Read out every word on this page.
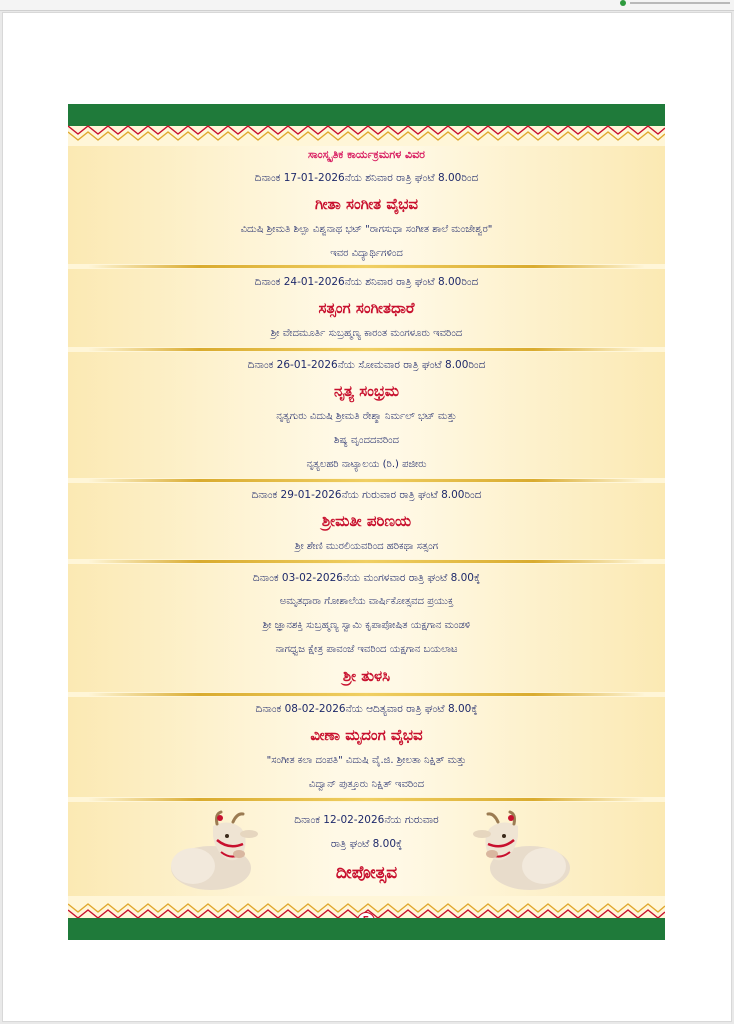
ಸಾಂಸ್ಕೃತಿಕ ಕಾರ್ಯಕ್ರಮಗಳ ವಿವರ
ದಿನಾಂಕ 17-01-2026ನೆಯ ಶನಿವಾರ ರಾತ್ರಿ ಘಂಟೆ 8.00ರಿಂದ
ಗೀತಾ ಸಂಗೀತ ವೈಭವ
ವಿದುಷಿ ಶ್ರೀಮತಿ ಶಿಲ್ಪಾ ವಿಶ್ವನಾಥ ಭಟ್ "ರಾಗಸುಧಾ ಸಂಗೀತ ಶಾಲೆ ಮಂಜೇಶ್ವರ"
ಇವರ ವಿದ್ಯಾರ್ಥಿಗಳಿಂದ
ದಿನಾಂಕ 24-01-2026ನೆಯ ಶನಿವಾರ ರಾತ್ರಿ ಘಂಟೆ 8.00ರಿಂದ
ಸತ್ಸಂಗ ಸಂಗೀತಧಾರೆ
ಶ್ರೀ ವೇದಮೂರ್ತಿ ಸುಬ್ರಹ್ಮಣ್ಯ ಕಾರಂತ ಮಂಗಳೂರು ಇವರಿಂದ
ದಿನಾಂಕ 26-01-2026ನೆಯ ಸೋಮವಾರ ರಾತ್ರಿ ಘಂಟೆ 8.00ರಿಂದ
ನೃತ್ಯ ಸಂಭ್ರಮ
ನೃತ್ಯಗುರು ವಿದುಷಿ ಶ್ರೀಮತಿ ರೇಶ್ಮಾ ನಿರ್ಮಲ್ ಭಟ್ ಮತ್ತು
ಶಿಷ್ಯ ವೃಂದದವರಿಂದ
ನೃತ್ಯಲಹರಿ ನಾಟ್ಯಾಲಯ (ರಿ.) ಪಜೀರು
ದಿನಾಂಕ 29-01-2026ನೆಯ ಗುರುವಾರ ರಾತ್ರಿ ಘಂಟೆ 8.00ರಿಂದ
ಶ್ರೀಮತೀ ಪರಿಣಯ
ಶ್ರೀ ಶೇಣಿ ಮುರಲಿಯವರಿಂದ ಹರಿಕಥಾ ಸತ್ಸಂಗ
ದಿನಾಂಕ 03-02-2026ನೆಯ ಮಂಗಳವಾರ ರಾತ್ರಿ ಘಂಟೆ 8.00ಕ್ಕೆ
ಅಮೃತಧಾರಾ ಗೋಶಾಲೆಯ ವಾರ್ಷಿಕೋತ್ಸವದ ಪ್ರಯುಕ್ತ
ಶ್ರೀ ಜ್ಞಾನಶಕ್ತಿ ಸುಬ್ರಹ್ಮಣ್ಯ ಸ್ವಾಮಿ ಕೃಪಾಪೋಷಿತ ಯಕ್ಷಗಾನ ಮಂಡಳಿ
ನಾಗಧ್ವಜ ಕ್ಷೇತ್ರ ಪಾವಂಜೆ ಇವರಿಂದ ಯಕ್ಷಗಾನ ಬಯಲಾಟ
ಶ್ರೀ ತುಳಸಿ
ದಿನಾಂಕ 08-02-2026ನೆಯ ಆದಿತ್ಯವಾರ ರಾತ್ರಿ ಘಂಟೆ 8.00ಕ್ಕೆ
ವೀಣಾ ಮೃದಂಗ ವೈಭವ
"ಸಂಗೀತ ಕಲಾ ದಂಪತಿ" ವಿದುಷಿ ವೈ.ಜಿ. ಶ್ರೀಲತಾ ನಿಕ್ಷಿತ್ ಮತ್ತು
ವಿದ್ವಾನ್ ಪುತ್ತೂರು ನಿಕ್ಷಿತ್ ಇವರಿಂದ
ದಿನಾಂಕ 12-02-2026ನೆಯ ಗುರುವಾರ
ರಾತ್ರಿ ಘಂಟೆ 8.00ಕ್ಕೆ
ದೀಪೋತ್ಸವ
